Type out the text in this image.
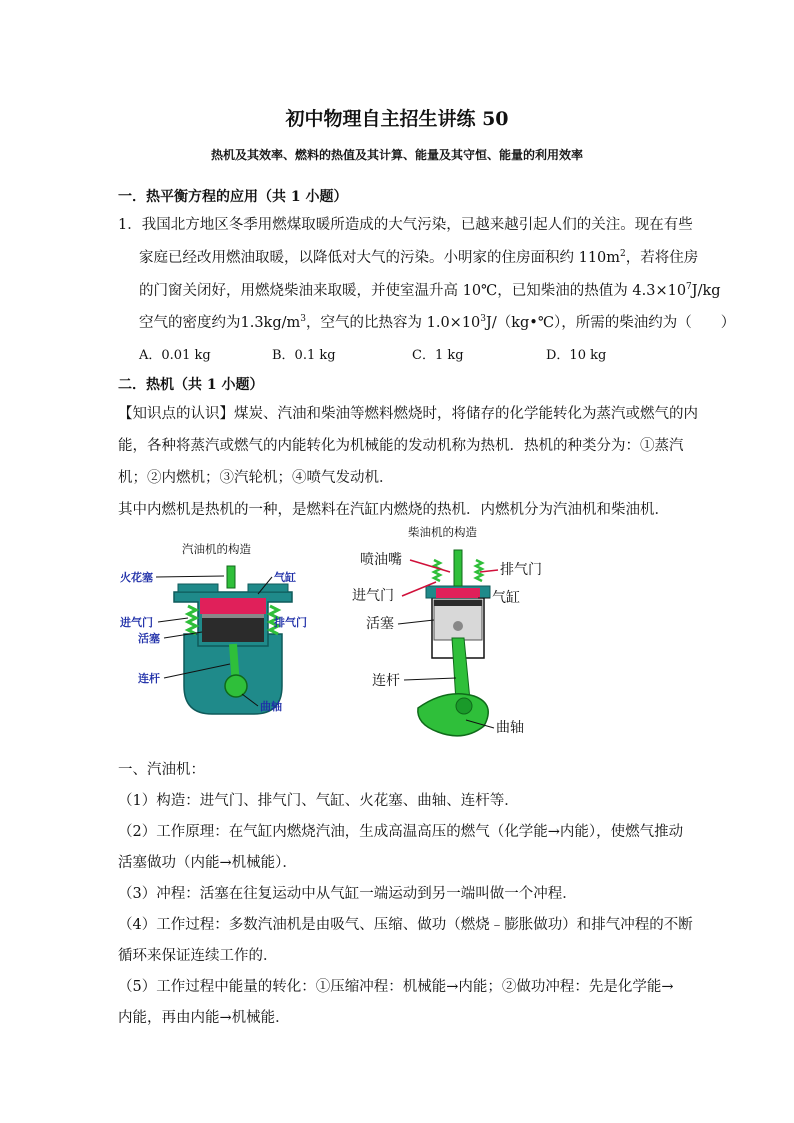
初中物理自主招生讲练 50
热机及其效率、燃料的热值及其计算、能量及其守恒、能量的利用效率
一．热平衡方程的应用（共 1 小题）
1．我国北方地区冬季用燃煤取暖所造成的大气污染，已越来越引起人们的关注。现在有些
家庭已经改用燃油取暖，以降低对大气的污染。小明家的住房面积约 $110m^2$，若将住房
的门窗关闭好，用燃烧柴油来取暖，并使室温升高 10℃，已知柴油的热值为 $4.3\times 10^7J/kg$
空气的密度约为$1.3kg/m^3$，空气的比热容为 $1.0\times 10^3J/(kg•℃)$，所需的柴油约为（　　）
A．0.01 kg	B．0.1 kg	C．1 kg	D．10 kg
二．热机（共 1 小题）
【知识点的认识】煤炭、汽油和柴油等燃料燃烧时，将储存的化学能转化为蒸汽或燃气的内
能，各种将蒸汽或燃气的内能转化为机械能的发动机称为热机．热机的种类分为：①蒸汽
机；②内燃机；③汽轮机；④喷气发动机．
其中内燃机是热机的一种，是燃料在汽缸内燃烧的热机．内燃机分为汽油机和柴油机．
汽油机的构造
火花塞	气缸
进气门	排气门
活塞
连杆
曲轴
柴油机的构造
喷油嘴
排气门
进气门	气缸
活塞
连杆
曲轴
一、汽油机：
（1）构造：进气门、排气门、气缸、火花塞、曲轴、连杆等．
（2）工作原理：在气缸内燃烧汽油，生成高温高压的燃气（化学能→内能），使燃气推动
活塞做功（内能→机械能）．
（3）冲程：活塞在往复运动中从气缸一端运动到另一端叫做一个冲程．
（4）工作过程：多数汽油机是由吸气、压缩、做功（燃烧﹣膨胀做功）和排气冲程的不断
循环来保证连续工作的．
（5）工作过程中能量的转化：①压缩冲程：机械能→内能；②做功冲程：先是化学能→
内能，再由内能→机械能．
